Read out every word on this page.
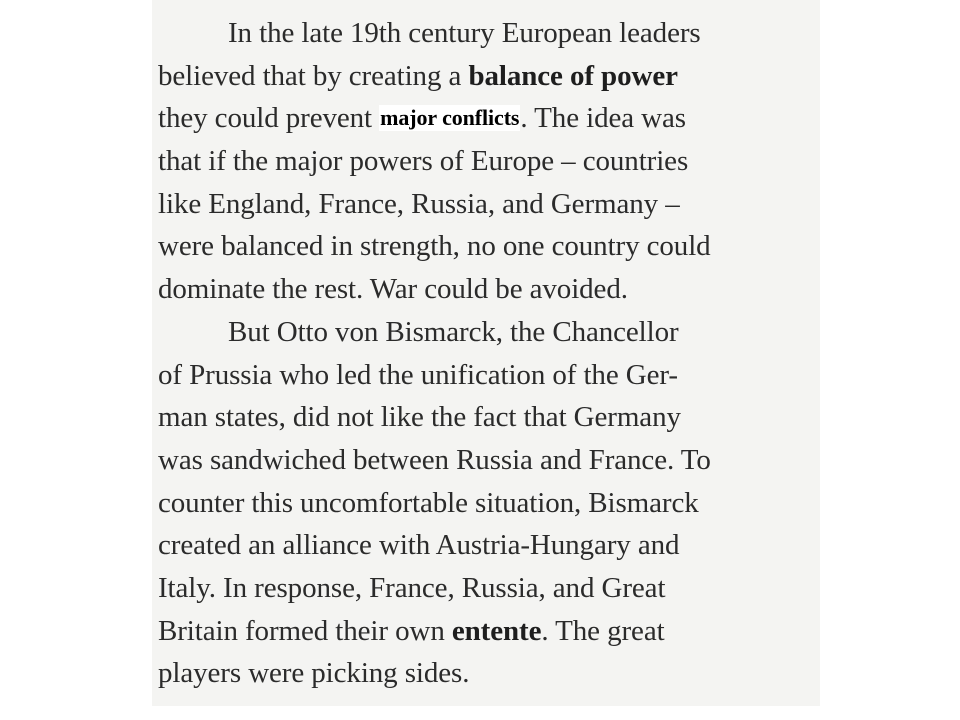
In the late 19th century European leaders
believed that by creating a balance of power
they could prevent major conflicts. The idea was
that if the major powers of Europe – countries
like England, France, Russia, and Germany –
were balanced in strength, no one country could
dominate the rest. War could be avoided.
But Otto von Bismarck, the Chancellor
of Prussia who led the unification of the Ger-
man states, did not like the fact that Germany
was sandwiched between Russia and France. To
counter this uncomfortable situation, Bismarck
created an alliance with Austria-Hungary and
Italy. In response, France, Russia, and Great
Britain formed their own entente. The great
players were picking sides.
